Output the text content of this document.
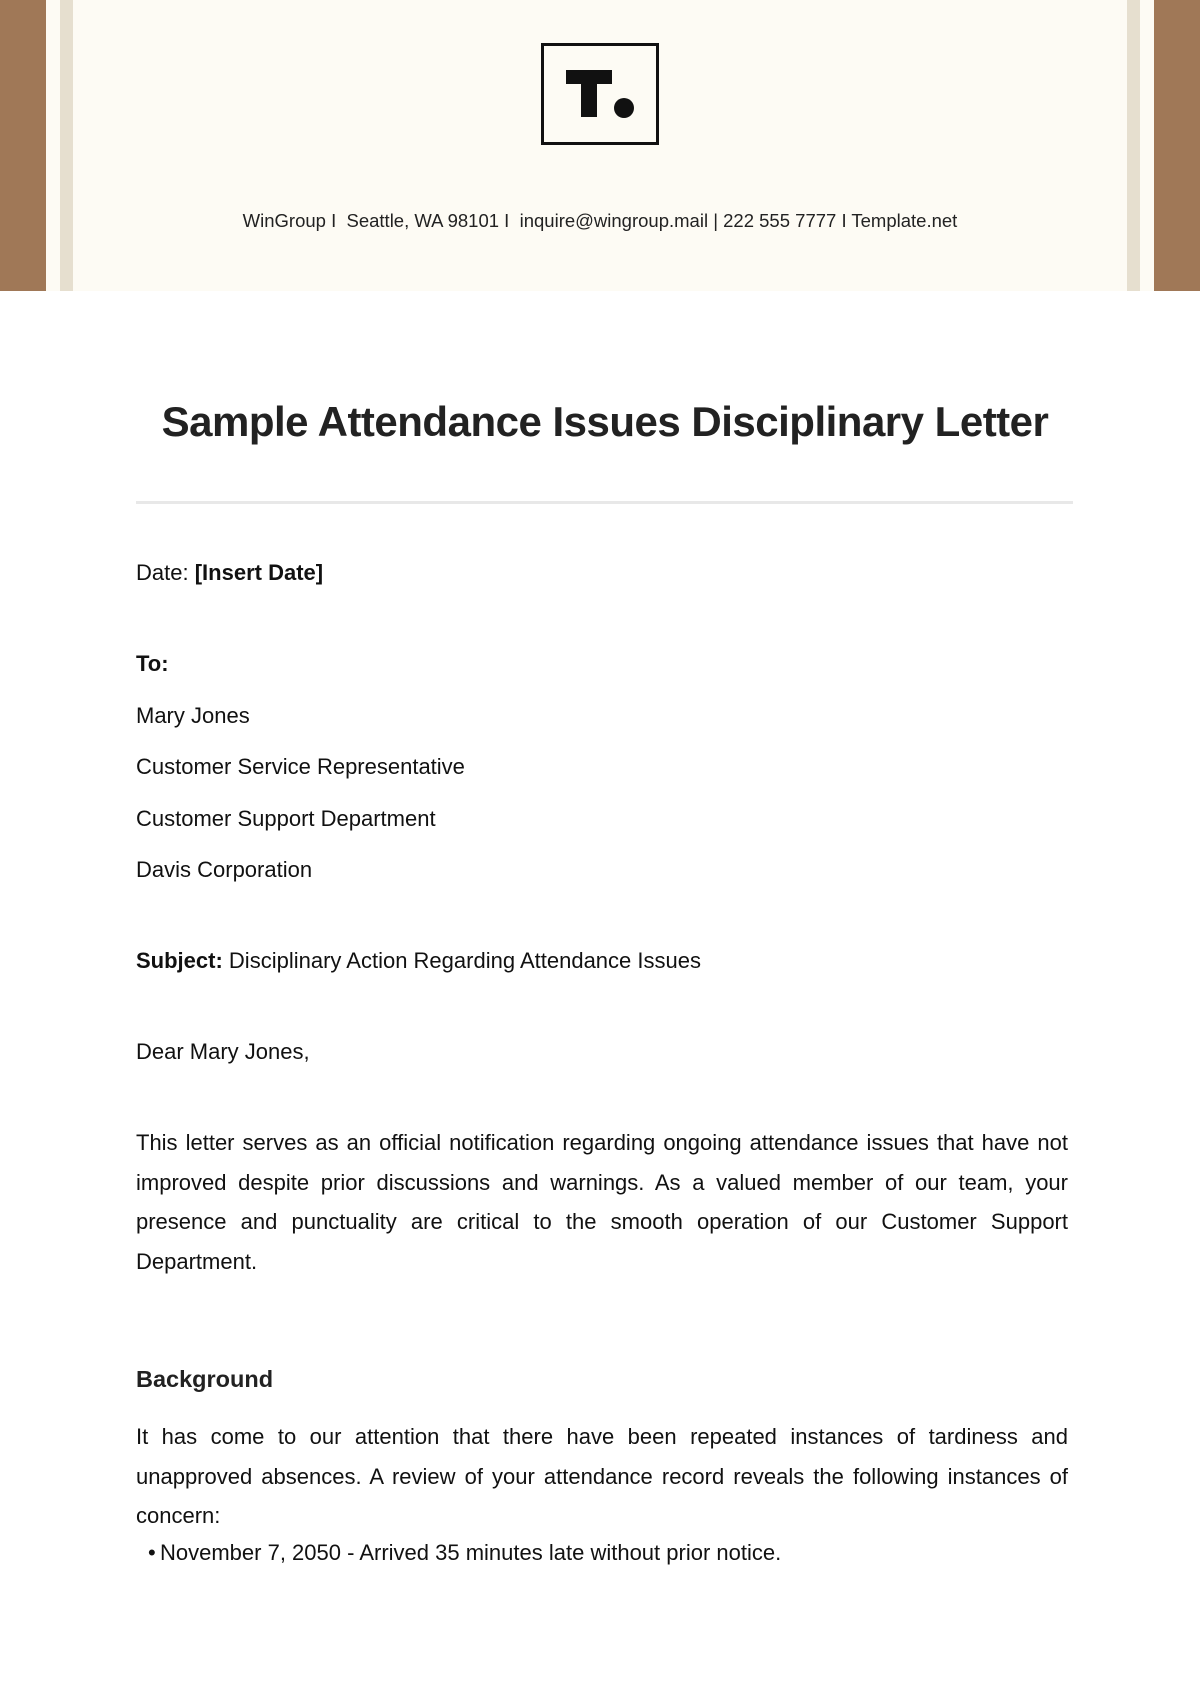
WinGroup I  Seattle, WA 98101 I  inquire@wingroup.mail | 222 555 7777 I Template.net
Sample Attendance Issues Disciplinary Letter

Date: [Insert Date]

To:

Mary Jones

Customer Service Representative

Customer Support Department

Davis Corporation

Subject: Disciplinary Action Regarding Attendance Issues

Dear Mary Jones,

This letter serves as an official notification regarding ongoing attendance issues that have not improved despite prior discussions and warnings. As a valued member of our team, your presence and punctuality are critical to the smooth operation of our Customer Support Department.

Background

It has come to our attention that there have been repeated instances of tardiness and unapproved absences. A review of your attendance record reveals the following instances of concern:

• November 7, 2050 - Arrived 35 minutes late without prior notice.
